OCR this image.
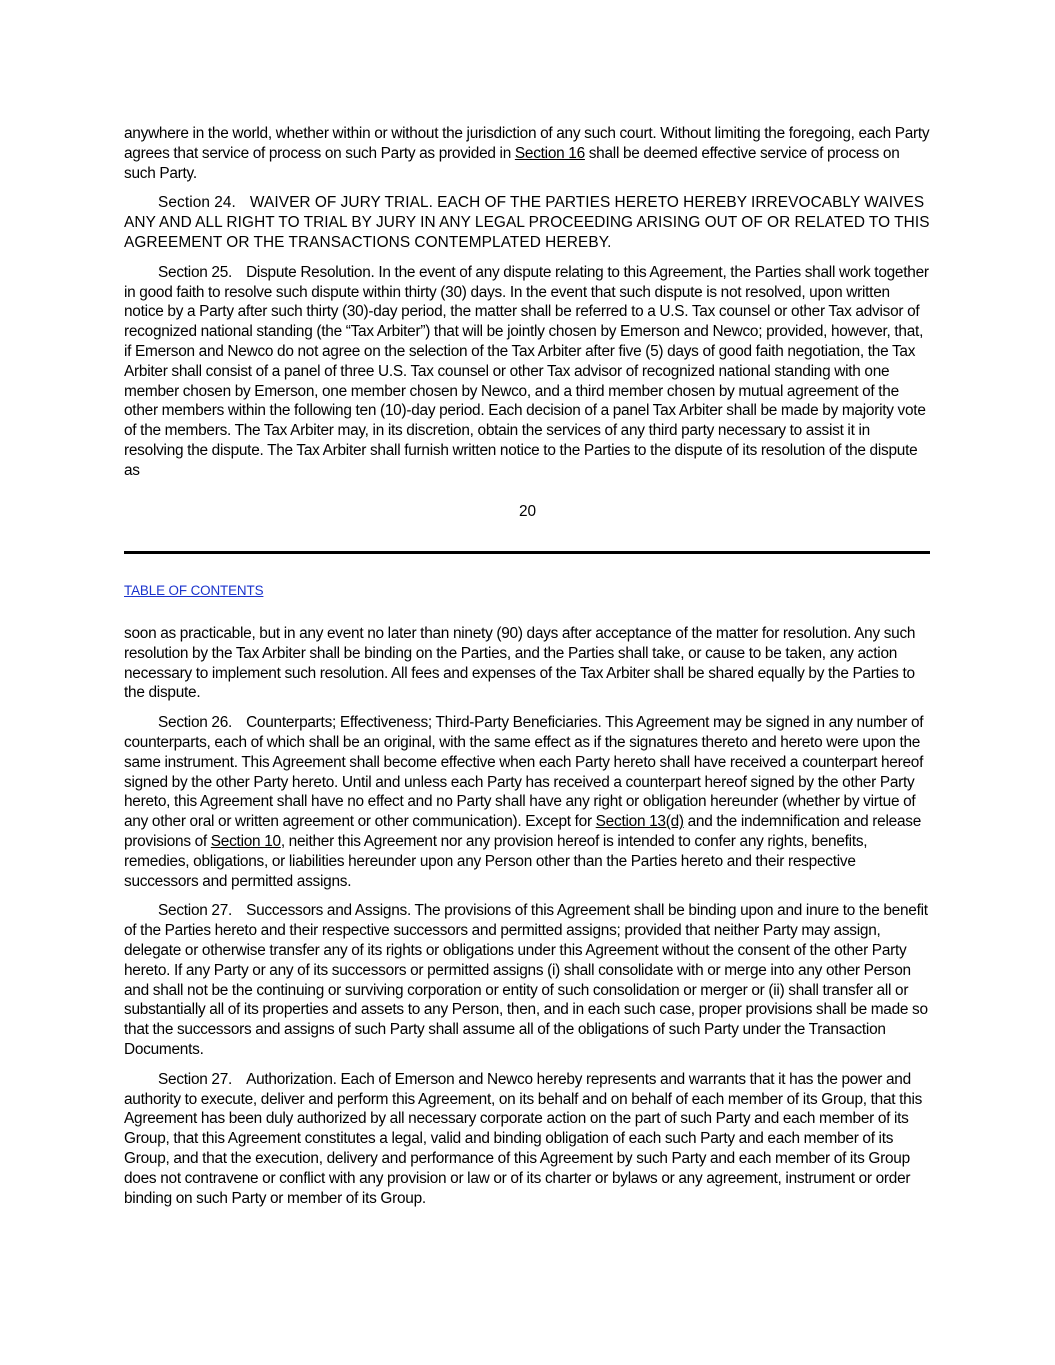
anywhere in the world, whether within or without the jurisdiction of any such court. Without limiting the foregoing, each Party agrees that service of process on such Party as provided in Section 16 shall be deemed effective service of process on such Party.

Section 24. WAIVER OF JURY TRIAL. EACH OF THE PARTIES HERETO HEREBY IRREVOCABLY WAIVES ANY AND ALL RIGHT TO TRIAL BY JURY IN ANY LEGAL PROCEEDING ARISING OUT OF OR RELATED TO THIS AGREEMENT OR THE TRANSACTIONS CONTEMPLATED HEREBY.

Section 25. Dispute Resolution. In the event of any dispute relating to this Agreement, the Parties shall work together in good faith to resolve such dispute within thirty (30) days. In the event that such dispute is not resolved, upon written notice by a Party after such thirty (30)-day period, the matter shall be referred to a U.S. Tax counsel or other Tax advisor of recognized national standing (the “Tax Arbiter”) that will be jointly chosen by Emerson and Newco; provided, however, that, if Emerson and Newco do not agree on the selection of the Tax Arbiter after five (5) days of good faith negotiation, the Tax Arbiter shall consist of a panel of three U.S. Tax counsel or other Tax advisor of recognized national standing with one member chosen by Emerson, one member chosen by Newco, and a third member chosen by mutual agreement of the other members within the following ten (10)-day period. Each decision of a panel Tax Arbiter shall be made by majority vote of the members. The Tax Arbiter may, in its discretion, obtain the services of any third party necessary to assist it in resolving the dispute. The Tax Arbiter shall furnish written notice to the Parties to the dispute of its resolution of the dispute as

20
TABLE OF CONTENTS

soon as practicable, but in any event no later than ninety (90) days after acceptance of the matter for resolution. Any such resolution by the Tax Arbiter shall be binding on the Parties, and the Parties shall take, or cause to be taken, any action necessary to implement such resolution. All fees and expenses of the Tax Arbiter shall be shared equally by the Parties to the dispute.

Section 26. Counterparts; Effectiveness; Third-Party Beneficiaries. This Agreement may be signed in any number of counterparts, each of which shall be an original, with the same effect as if the signatures thereto and hereto were upon the same instrument. This Agreement shall become effective when each Party hereto shall have received a counterpart hereof signed by the other Party hereto. Until and unless each Party has received a counterpart hereof signed by the other Party hereto, this Agreement shall have no effect and no Party shall have any right or obligation hereunder (whether by virtue of any other oral or written agreement or other communication). Except for Section 13(d) and the indemnification and release provisions of Section 10, neither this Agreement nor any provision hereof is intended to confer any rights, benefits, remedies, obligations, or liabilities hereunder upon any Person other than the Parties hereto and their respective successors and permitted assigns.

Section 27. Successors and Assigns. The provisions of this Agreement shall be binding upon and inure to the benefit of the Parties hereto and their respective successors and permitted assigns; provided that neither Party may assign, delegate or otherwise transfer any of its rights or obligations under this Agreement without the consent of the other Party hereto. If any Party or any of its successors or permitted assigns (i) shall consolidate with or merge into any other Person and shall not be the continuing or surviving corporation or entity of such consolidation or merger or (ii) shall transfer all or substantially all of its properties and assets to any Person, then, and in each such case, proper provisions shall be made so that the successors and assigns of such Party shall assume all of the obligations of such Party under the Transaction Documents.

Section 27. Authorization. Each of Emerson and Newco hereby represents and warrants that it has the power and authority to execute, deliver and perform this Agreement, on its behalf and on behalf of each member of its Group, that this Agreement has been duly authorized by all necessary corporate action on the part of such Party and each member of its Group, that this Agreement constitutes a legal, valid and binding obligation of each such Party and each member of its Group, and that the execution, delivery and performance of this Agreement by such Party and each member of its Group does not contravene or conflict with any provision or law or of its charter or bylaws or any agreement, instrument or order binding on such Party or member of its Group.
